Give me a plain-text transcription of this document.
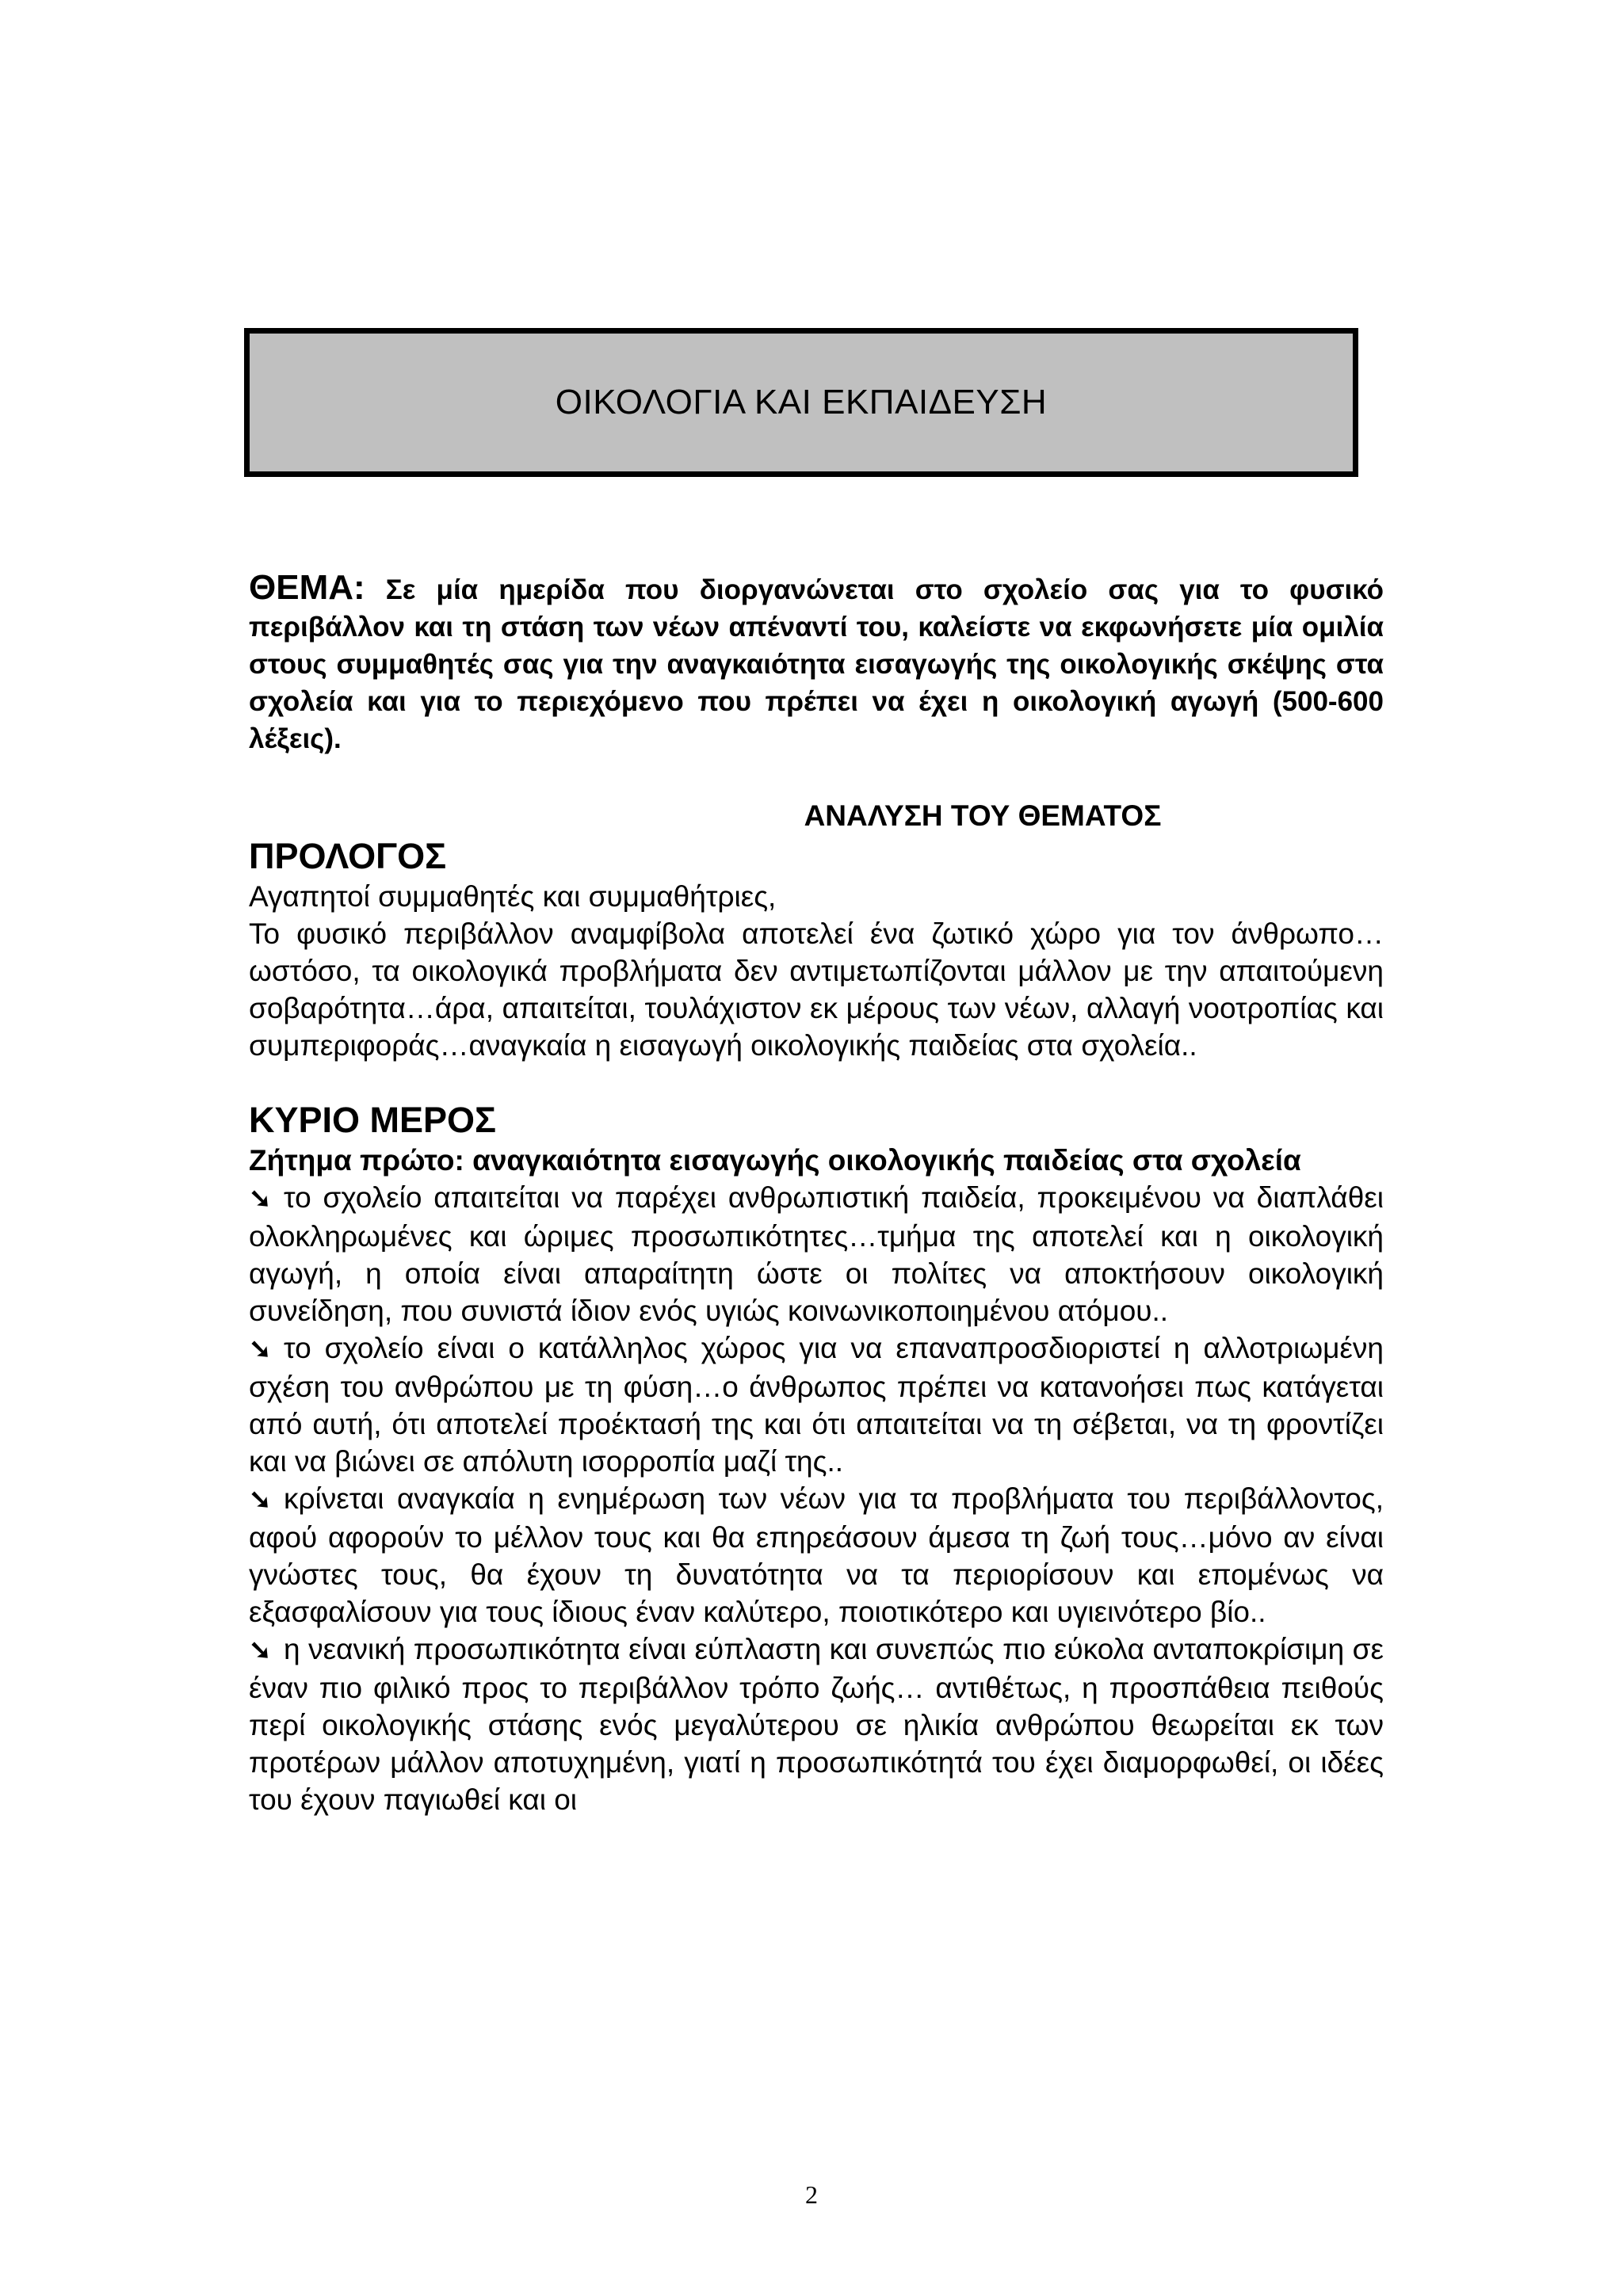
ΟΙΚΟΛΟΓΙΑ ΚΑΙ ΕΚΠΑΙΔΕΥΣΗ

ΘΕΜΑ: Σε μία ημερίδα που διοργανώνεται στο σχολείο σας για το φυσικό περιβάλλον και τη στάση των νέων απέναντί του, καλείστε να εκφωνήσετε μία ομιλία στους συμμαθητές σας για την αναγκαιότητα εισαγωγής της οικολογικής σκέψης στα σχολεία και για το περιεχόμενο που πρέπει να έχει η οικολογική αγωγή (500-600 λέξεις).

ΑΝΑΛΥΣΗ ΤΟΥ ΘΕΜΑΤΟΣ
ΠΡΟΛΟΓΟΣ

Αγαπητοί συμμαθητές και συμμαθήτριες,

Το φυσικό περιβάλλον αναμφίβολα αποτελεί ένα ζωτικό χώρο για τον άνθρωπο…ωστόσο, τα οικολογικά προβλήματα δεν αντιμετωπίζονται μάλλον με την απαιτούμενη σοβαρότητα…άρα, απαιτείται, τουλάχιστον εκ μέρους των νέων, αλλαγή νοοτροπίας και συμπεριφοράς…αναγκαία η εισαγωγή οικολογικής παιδείας στα σχολεία..

ΚΥΡΙΟ ΜΕΡΟΣ

Ζήτημα πρώτο: αναγκαιότητα εισαγωγής οικολογικής παιδείας στα σχολεία

➘ το σχολείο απαιτείται να παρέχει ανθρωπιστική παιδεία, προκειμένου να διαπλάθει ολοκληρωμένες και ώριμες προσωπικότητες…τμήμα της αποτελεί και η οικολογική αγωγή, η οποία είναι απαραίτητη ώστε οι πολίτες να αποκτήσουν οικολογική συνείδηση, που συνιστά ίδιον ενός υγιώς κοινωνικοποιημένου ατόμου..

➘ το σχολείο είναι ο κατάλληλος χώρος για να επαναπροσδιοριστεί η αλλοτριωμένη σχέση του ανθρώπου με τη φύση…ο άνθρωπος πρέπει να κατανοήσει πως κατάγεται από αυτή, ότι αποτελεί προέκτασή της και ότι απαιτείται να τη σέβεται, να τη φροντίζει και να βιώνει σε απόλυτη ισορροπία μαζί της..

➘ κρίνεται αναγκαία η ενημέρωση των νέων για τα προβλήματα του περιβάλλοντος, αφού αφορούν το μέλλον τους και θα επηρεάσουν άμεσα τη ζωή τους…μόνο αν είναι γνώστες τους, θα έχουν τη δυνατότητα να τα περιορίσουν και επομένως να εξασφαλίσουν για τους ίδιους έναν καλύτερο, ποιοτικότερο και υγιεινότερο βίο..

➘ η νεανική προσωπικότητα είναι εύπλαστη και συνεπώς πιο εύκολα ανταποκρίσιμη σε έναν πιο φιλικό προς το περιβάλλον τρόπο ζωής… αντιθέτως, η προσπάθεια πειθούς περί οικολογικής στάσης ενός μεγαλύτερου σε ηλικία ανθρώπου θεωρείται εκ των προτέρων μάλλον αποτυχημένη, γιατί η προσωπικότητά του έχει διαμορφωθεί, οι ιδέες του έχουν παγιωθεί και οι

2
